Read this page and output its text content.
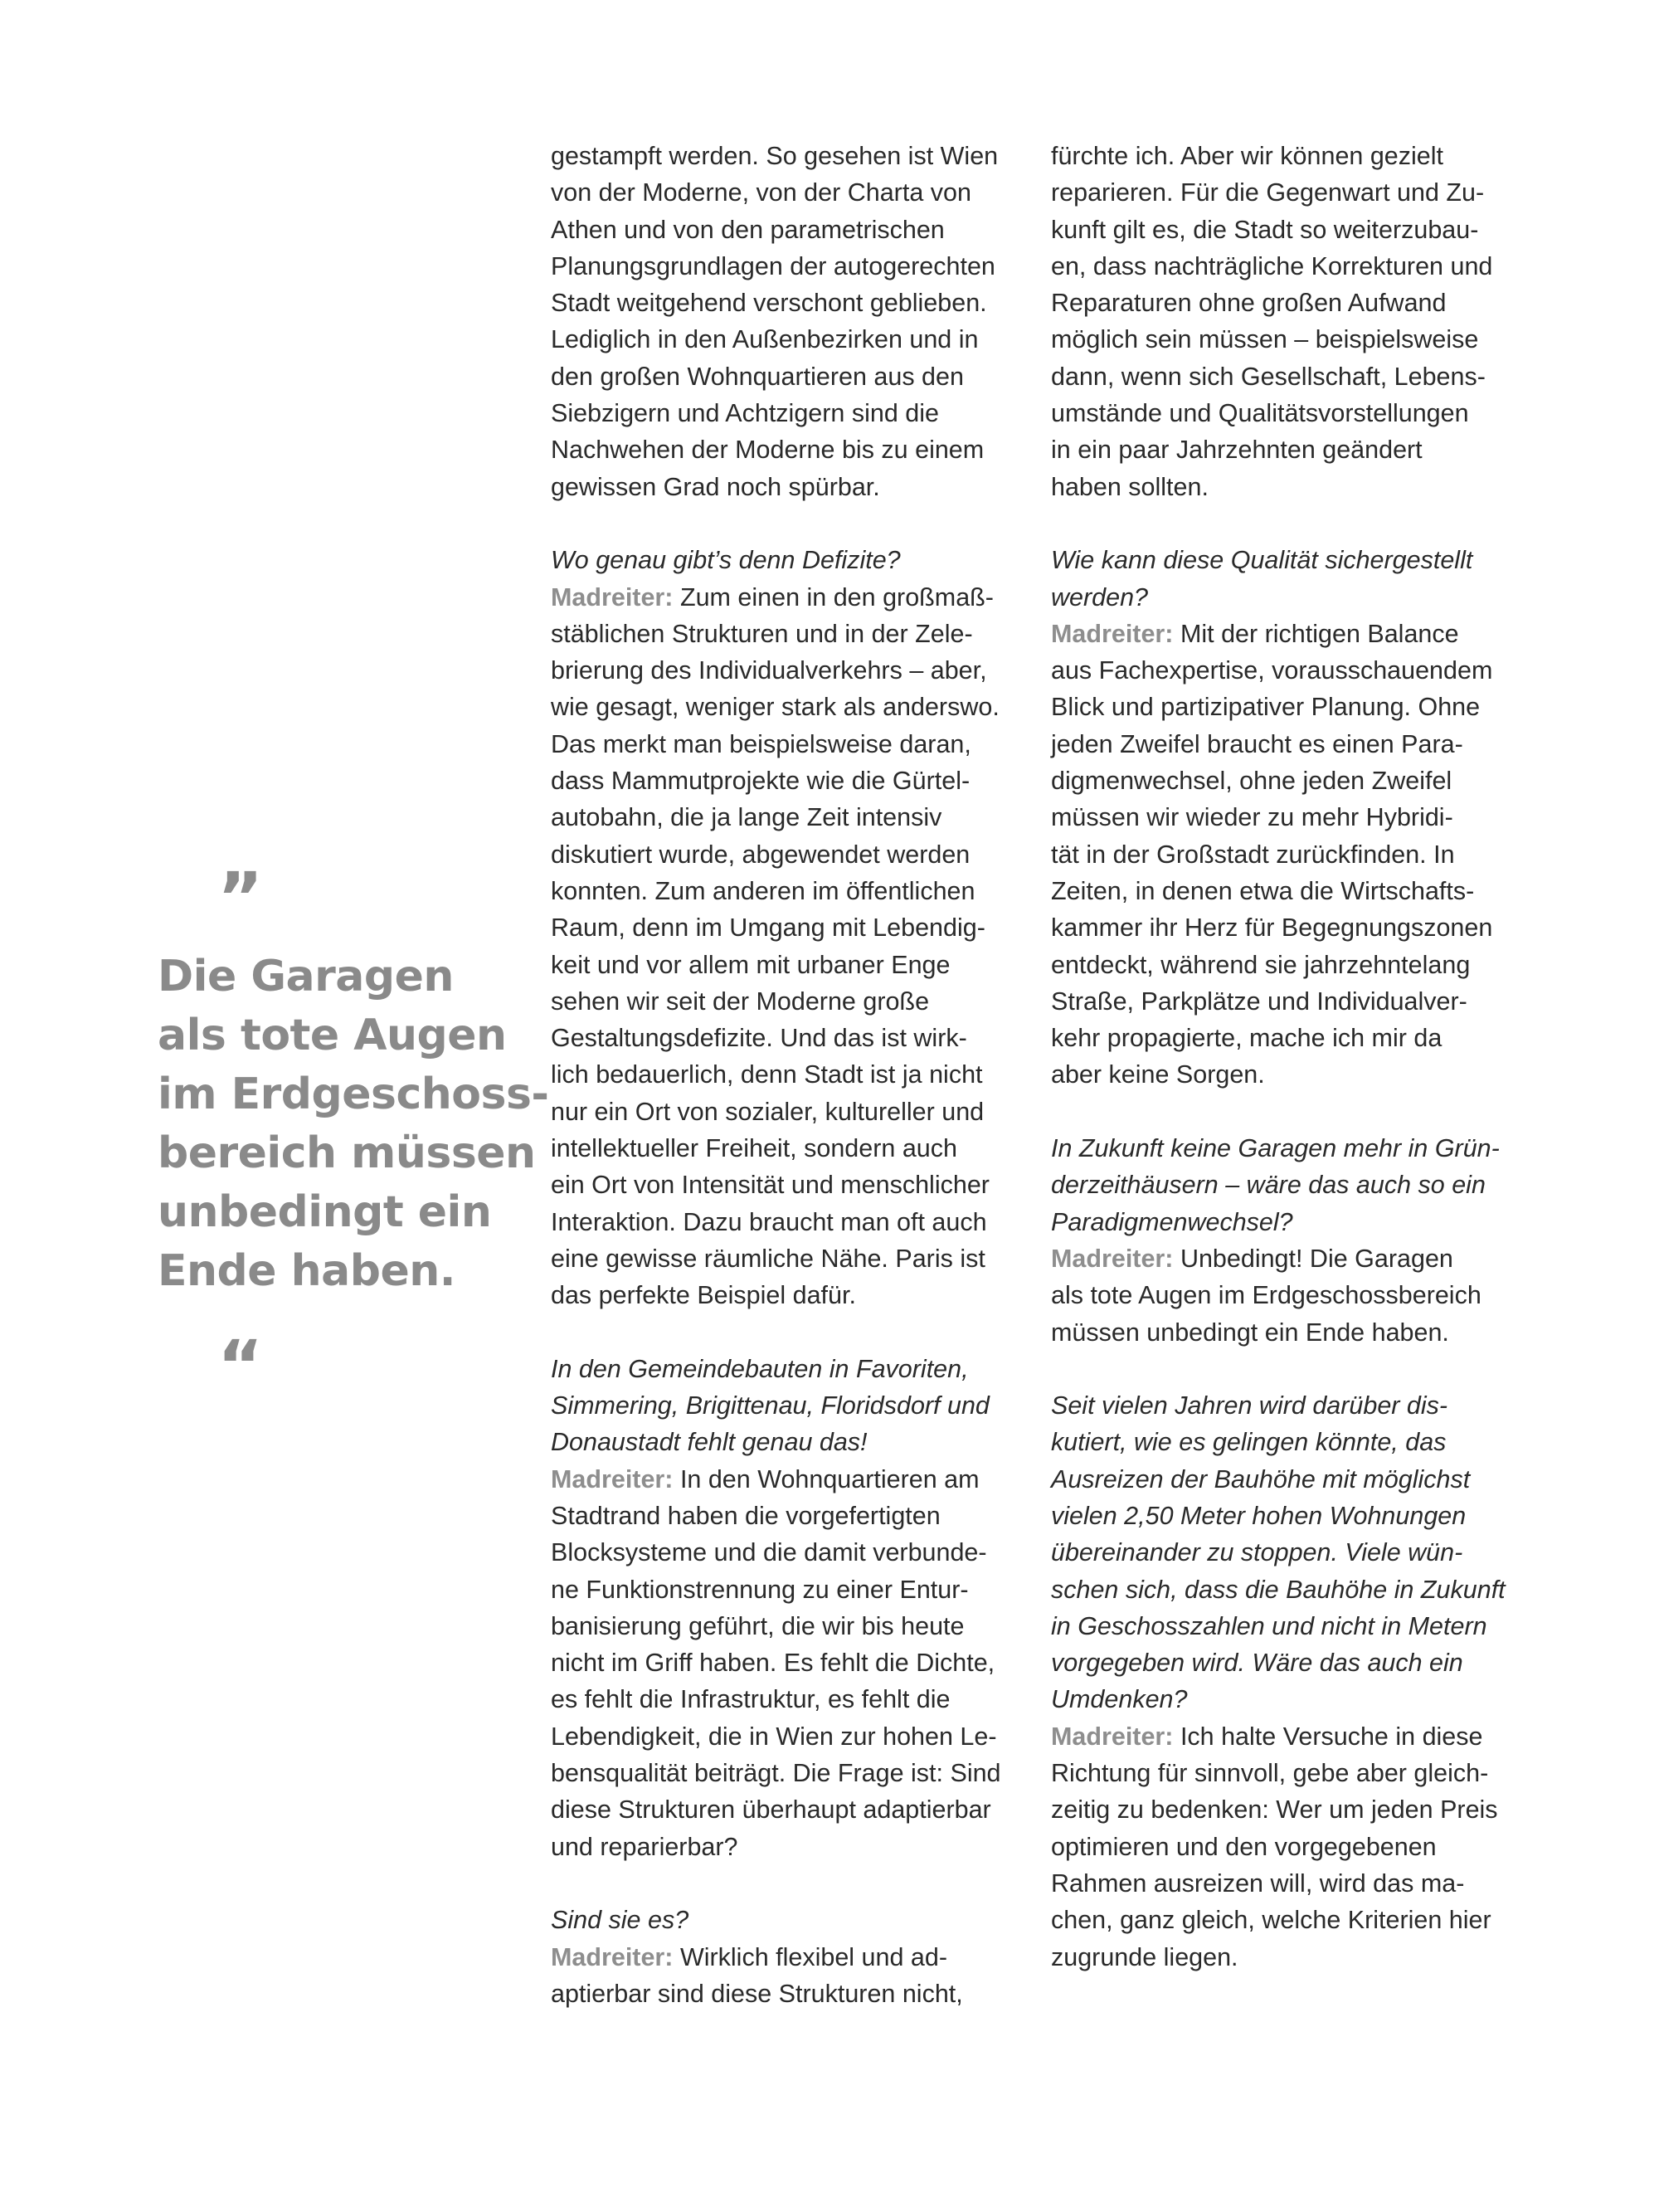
”
Die Garagen
als tote Augen
im Erdgeschoss-
bereich müssen
unbedingt ein
Ende haben.
“
gestampft werden. So gesehen ist Wien
von der Moderne, von der Charta von
Athen und von den parametrischen
Planungsgrundlagen der autogerechten
Stadt weitgehend verschont geblieben.
Lediglich in den Außenbezirken und in
den großen Wohnquartieren aus den
Siebzigern und Achtzigern sind die
Nachwehen der Moderne bis zu einem
gewissen Grad noch spürbar.
Wo genau gibt’s denn Defizite?
Madreiter: Zum einen in den großmaß-
stäblichen Strukturen und in der Zele-
brierung des Individualverkehrs – aber,
wie gesagt, weniger stark als anderswo.
Das merkt man beispielsweise daran,
dass Mammutprojekte wie die Gürtel-
autobahn, die ja lange Zeit intensiv
diskutiert wurde, abgewendet werden
konnten. Zum anderen im öffentlichen
Raum, denn im Umgang mit Lebendig-
keit und vor allem mit urbaner Enge
sehen wir seit der Moderne große
Gestaltungsdefizite. Und das ist wirk-
lich bedauerlich, denn Stadt ist ja nicht
nur ein Ort von sozialer, kultureller und
intellektueller Freiheit, sondern auch
ein Ort von Intensität und menschlicher
Interaktion. Dazu braucht man oft auch
eine gewisse räumliche Nähe. Paris ist
das perfekte Beispiel dafür.
In den Gemeindebauten in Favoriten,
Simmering, Brigittenau, Floridsdorf und
Donaustadt fehlt genau das!
Madreiter: In den Wohnquartieren am
Stadtrand haben die vorgefertigten
Blocksysteme und die damit verbunde-
ne Funktionstrennung zu einer Entur-
banisierung geführt, die wir bis heute
nicht im Griff haben. Es fehlt die Dichte,
es fehlt die Infrastruktur, es fehlt die
Lebendigkeit, die in Wien zur hohen Le-
bensqualität beiträgt. Die Frage ist: Sind
diese Strukturen überhaupt adaptierbar
und reparierbar?
Sind sie es?
Madreiter: Wirklich flexibel und ad-
aptierbar sind diese Strukturen nicht,
fürchte ich. Aber wir können gezielt
reparieren. Für die Gegenwart und Zu-
kunft gilt es, die Stadt so weiterzubau-
en, dass nachträgliche Korrekturen und
Reparaturen ohne großen Aufwand
möglich sein müssen – beispielsweise
dann, wenn sich Gesellschaft, Lebens-
umstände und Qualitätsvorstellungen
in ein paar Jahrzehnten geändert
haben sollten.
Wie kann diese Qualität sichergestellt
werden?
Madreiter: Mit der richtigen Balance
aus Fachexpertise, vorausschauendem
Blick und partizipativer Planung. Ohne
jeden Zweifel braucht es einen Para-
digmenwechsel, ohne jeden Zweifel
müssen wir wieder zu mehr Hybridi-
tät in der Großstadt zurückfinden. In
Zeiten, in denen etwa die Wirtschafts-
kammer ihr Herz für Begegnungszonen
entdeckt, während sie jahrzehntelang
Straße, Parkplätze und Individualver-
kehr propagierte, mache ich mir da
aber keine Sorgen.
In Zukunft keine Garagen mehr in Grün-
derzeithäusern – wäre das auch so ein
Paradigmenwechsel?
Madreiter: Unbedingt! Die Garagen
als tote Augen im Erdgeschossbereich
müssen unbedingt ein Ende haben.
Seit vielen Jahren wird darüber dis-
kutiert, wie es gelingen könnte, das
Ausreizen der Bauhöhe mit möglichst
vielen 2,50 Meter hohen Wohnungen
übereinander zu stoppen. Viele wün-
schen sich, dass die Bauhöhe in Zukunft
in Geschosszahlen und nicht in Metern
vorgegeben wird. Wäre das auch ein
Umdenken?
Madreiter: Ich halte Versuche in diese
Richtung für sinnvoll, gebe aber gleich-
zeitig zu bedenken: Wer um jeden Preis
optimieren und den vorgegebenen
Rahmen ausreizen will, wird das ma-
chen, ganz gleich, welche Kriterien hier
zugrunde liegen.
